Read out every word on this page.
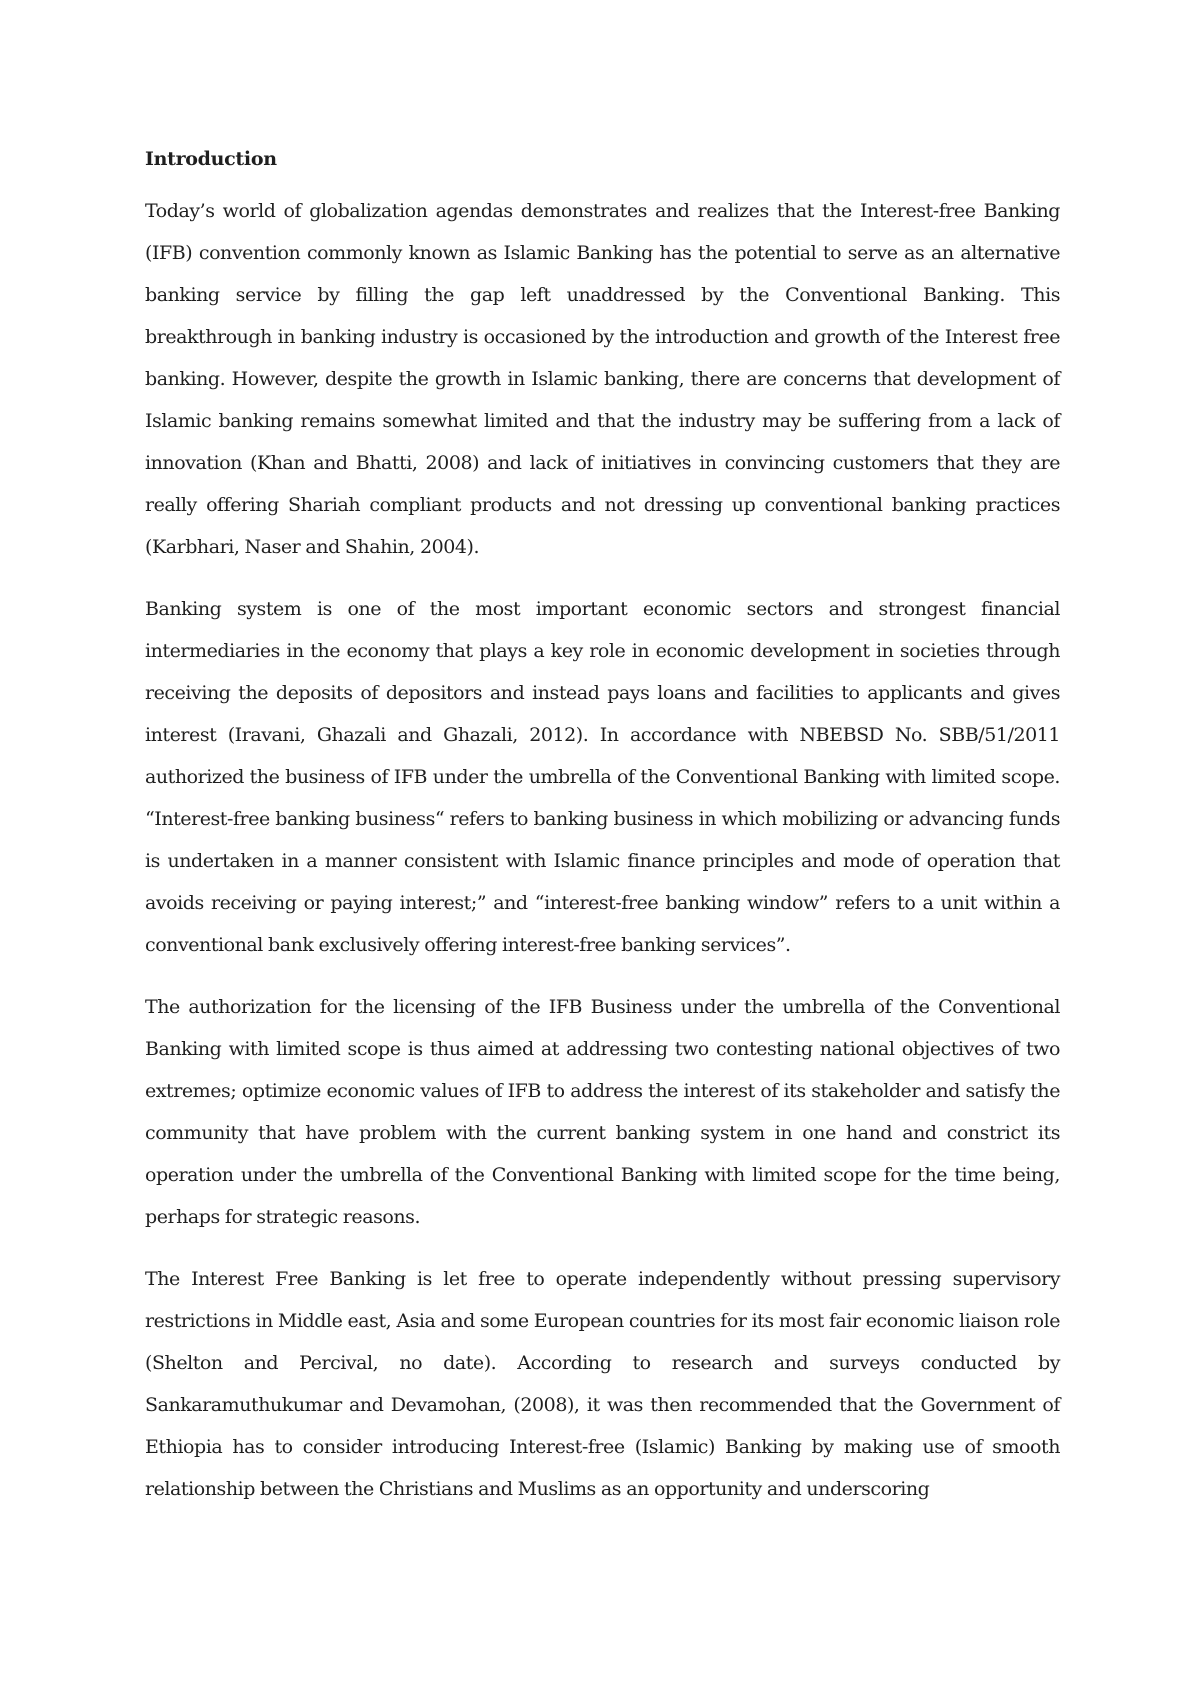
Introduction

Today’s world of globalization agendas demonstrates and realizes that the Interest-free Banking (IFB) convention commonly known as Islamic Banking has the potential to serve as an alternative banking service by filling the gap left unaddressed by the Conventional Banking. This breakthrough in banking industry is occasioned by the introduction and growth of the Interest free banking. However, despite the growth in Islamic banking, there are concerns that development of Islamic banking remains somewhat limited and that the industry may be suffering from a lack of innovation (Khan and Bhatti, 2008) and lack of initiatives in convincing customers that they are really offering Shariah compliant products and not dressing up conventional banking practices (Karbhari, Naser and Shahin, 2004).

Banking system is one of the most important economic sectors and strongest financial intermediaries in the economy that plays a key role in economic development in societies through receiving the deposits of depositors and instead pays loans and facilities to applicants and gives interest (Iravani, Ghazali and Ghazali, 2012). In accordance with NBEBSD No. SBB/51/2011 authorized the business of IFB under the umbrella of the Conventional Banking with limited scope. “Interest-free banking business“ refers to banking business in which mobilizing or advancing funds is undertaken in a manner consistent with Islamic finance principles and mode of operation that avoids receiving or paying interest;” and “interest-free banking window” refers to a unit within a conventional bank exclusively offering interest-free banking services”.

The authorization for the licensing of the IFB Business under the umbrella of the Conventional Banking with limited scope is thus aimed at addressing two contesting national objectives of two extremes; optimize economic values of IFB to address the interest of its stakeholder and satisfy the community that have problem with the current banking system in one hand and constrict its operation under the umbrella of the Conventional Banking with limited scope for the time being, perhaps for strategic reasons.

The Interest Free Banking is let free to operate independently without pressing supervisory restrictions in Middle east, Asia and some European countries for its most fair economic liaison role (Shelton and Percival, no date). According to research and surveys conducted by Sankaramuthukumar and Devamohan, (2008), it was then recommended that the Government of Ethiopia has to consider introducing Interest-free (Islamic) Banking by making use of smooth relationship between the Christians and Muslims as an opportunity and underscoring
